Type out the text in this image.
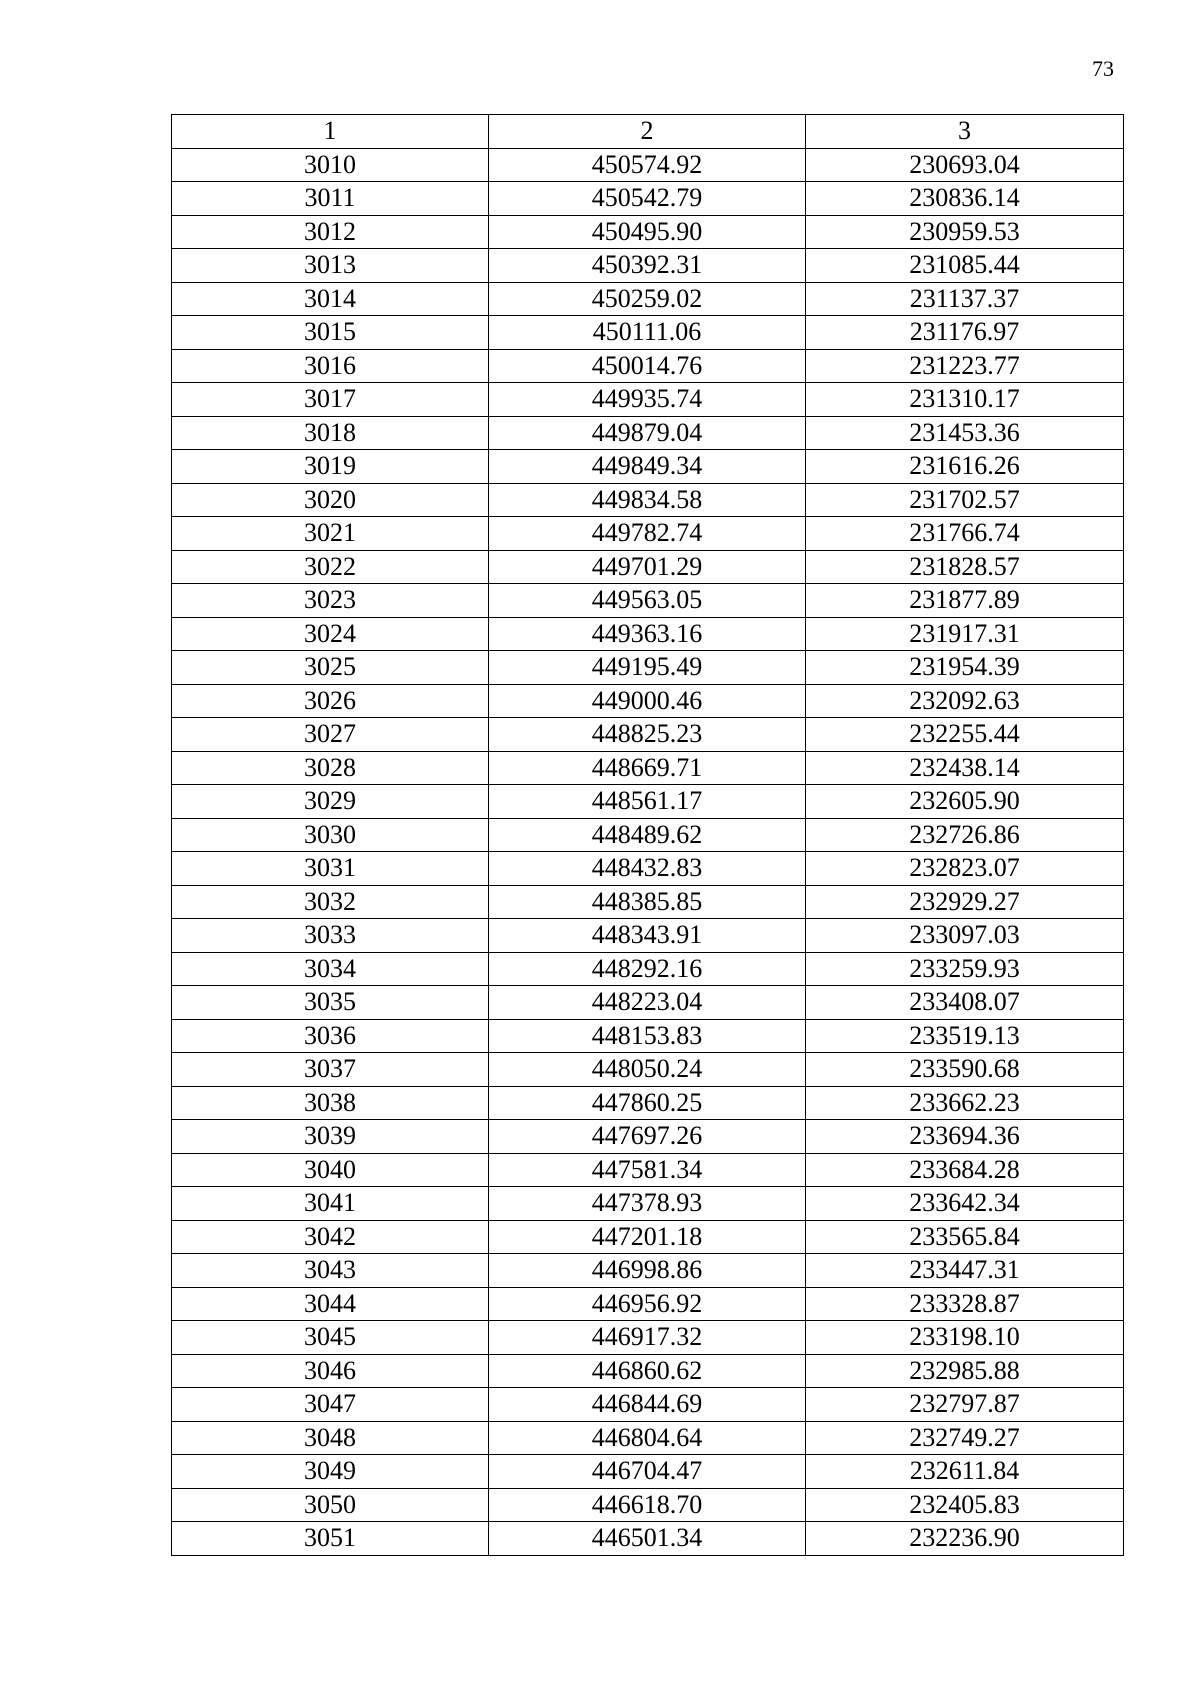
73
1	2	3
3010	450574.92	230693.04
3011	450542.79	230836.14
3012	450495.90	230959.53
3013	450392.31	231085.44
3014	450259.02	231137.37
3015	450111.06	231176.97
3016	450014.76	231223.77
3017	449935.74	231310.17
3018	449879.04	231453.36
3019	449849.34	231616.26
3020	449834.58	231702.57
3021	449782.74	231766.74
3022	449701.29	231828.57
3023	449563.05	231877.89
3024	449363.16	231917.31
3025	449195.49	231954.39
3026	449000.46	232092.63
3027	448825.23	232255.44
3028	448669.71	232438.14
3029	448561.17	232605.90
3030	448489.62	232726.86
3031	448432.83	232823.07
3032	448385.85	232929.27
3033	448343.91	233097.03
3034	448292.16	233259.93
3035	448223.04	233408.07
3036	448153.83	233519.13
3037	448050.24	233590.68
3038	447860.25	233662.23
3039	447697.26	233694.36
3040	447581.34	233684.28
3041	447378.93	233642.34
3042	447201.18	233565.84
3043	446998.86	233447.31
3044	446956.92	233328.87
3045	446917.32	233198.10
3046	446860.62	232985.88
3047	446844.69	232797.87
3048	446804.64	232749.27
3049	446704.47	232611.84
3050	446618.70	232405.83
3051	446501.34	232236.90
